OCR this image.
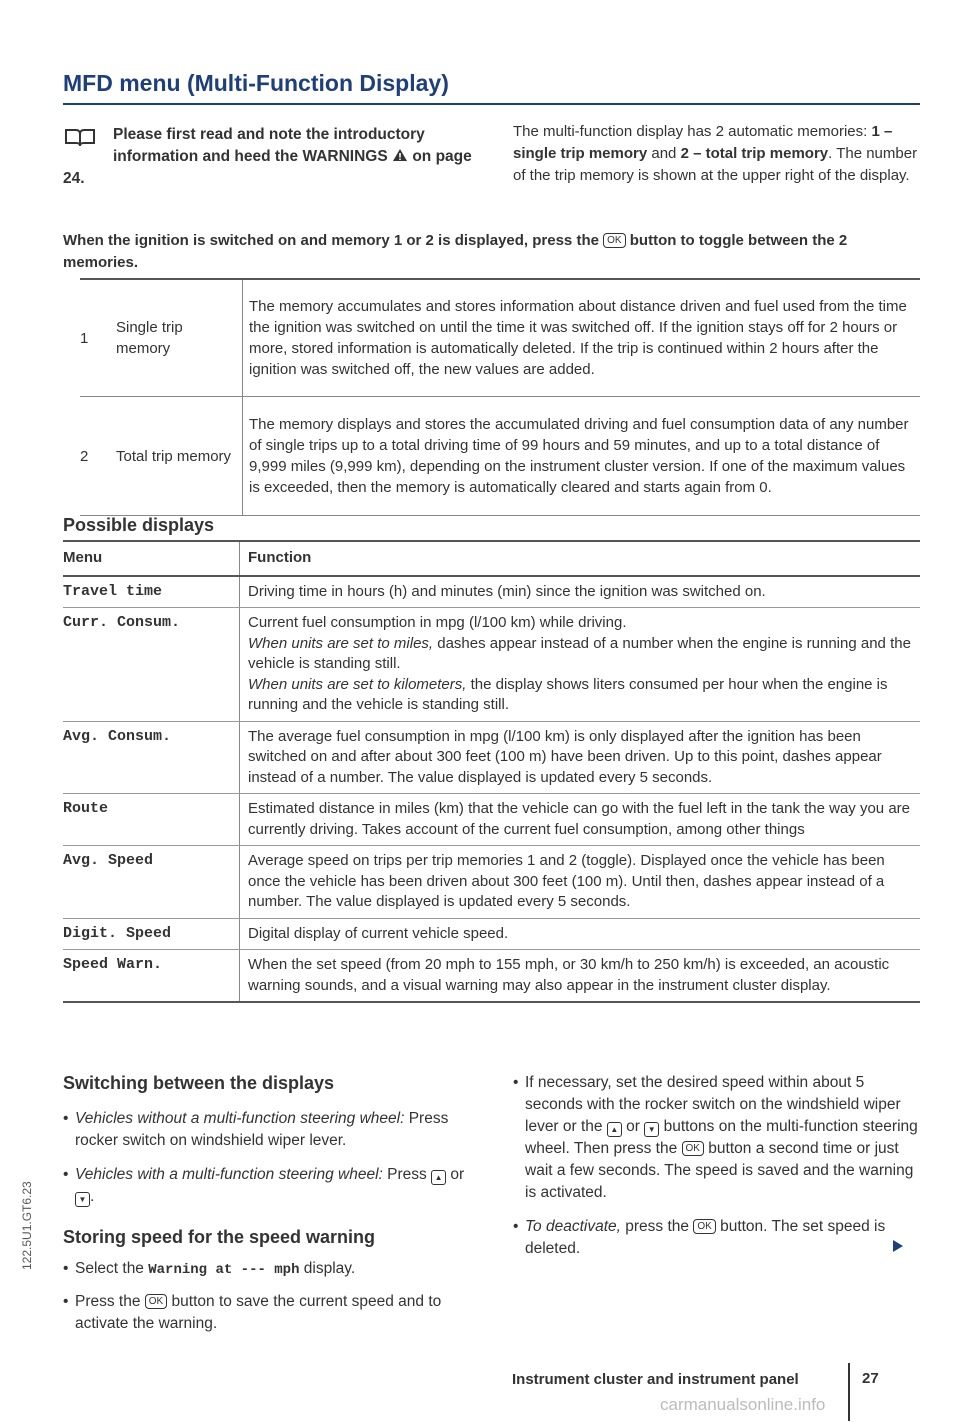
MFD menu (Multi-Function Display)
Please first read and note the introductory information and heed the WARNINGS on page 24.
The multi-function display has 2 automatic memories: 1 – single trip memory and 2 – total trip memory. The number of the trip memory is shown at the upper right of the display.
When the ignition is switched on and memory 1 or 2 is displayed, press the OK button to toggle between the 2 memories.
1	Single trip memory	The memory accumulates and stores information about distance driven and fuel used from the time the ignition was switched on until the time it was switched off. If the ignition stays off for 2 hours or more, stored information is automatically deleted. If the trip is continued within 2 hours after the ignition was switched off, the new values are added.
2	Total trip memory	The memory displays and stores the accumulated driving and fuel consumption data of any number of single trips up to a total driving time of 99 hours and 59 minutes, and up to a total distance of 9,999 miles (9,999 km), depending on the instrument cluster version. If one of the maximum values is exceeded, then the memory is automatically cleared and starts again from 0.
Possible displays
Menu	Function
Travel time	Driving time in hours (h) and minutes (min) since the ignition was switched on.
Curr. Consum.	Current fuel consumption in mpg (l/100 km) while driving.
When units are set to miles, dashes appear instead of a number when the engine is running and the vehicle is standing still.
When units are set to kilometers, the display shows liters consumed per hour when the engine is running and the vehicle is standing still.

Avg. Consum.	The average fuel consumption in mpg (l/100 km) is only displayed after the ignition has been switched on and after about 300 feet (100 m) have been driven. Up to this point, dashes appear instead of a number. The value displayed is updated every 5 seconds.
Route	Estimated distance in miles (km) that the vehicle can go with the fuel left in the tank the way you are currently driving. Takes account of the current fuel consumption, among other things
Avg. Speed	Average speed on trips per trip memories 1 and 2 (toggle). Displayed once the vehicle has been once the vehicle has been driven about 300 feet (100 m). Until then, dashes appear instead of a number. The value displayed is updated every 5 seconds.
Digit. Speed	Digital display of current vehicle speed.
Speed Warn.	When the set speed (from 20 mph to 155 mph, or 30 km/h to 250 km/h) is exceeded, an acoustic warning sounds, and a visual warning may also appear in the instrument cluster display.
Switching between the displays
• Vehicles without a multi-function steering wheel: Press rocker switch on windshield wiper lever.
• Vehicles with a multi-function steering wheel: Press ▲ or ▼ .
Storing speed for the speed warning
• Select the Warning at --- mph display.
• Press the OK button to save the current speed and to activate the warning.
• If necessary, set the desired speed within about 5 seconds with the rocker switch on the windshield wiper lever or the ▲ or ▼ buttons on the multi-function steering wheel. Then press the OK button a second time or just wait a few seconds. The speed is saved and the warning is activated.
• To deactivate, press the OK button. The set speed is deleted.
Instrument cluster and instrument panel	27
122.5U1.GT6.23
carmanualsonline.info
